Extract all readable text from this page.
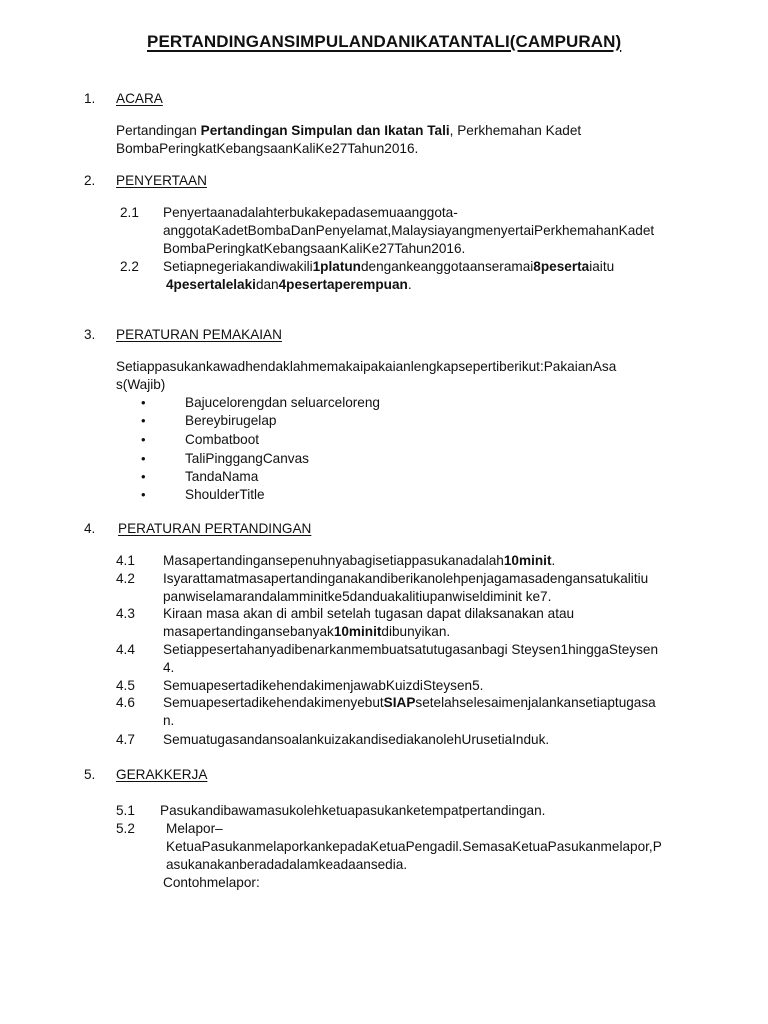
PERTANDINGANSIMPULANDANIKATANTALI(CAMPURAN)
1. ACARA
Pertandingan Pertandingan Simpulan dan Ikatan Tali, Perkhemahan Kadet
BombaPeringkatKebangsaanKaliKe27Tahun2016.
2. PENYERTAAN
2.1 Penyertaanadalahterbukakepadasemuaanggota-
anggotaKadetBombaDanPenyelamat,MalaysiayangmenyertaiPerkhemahanKadet
BombaPeringkatKebangsaanKaliKe27Tahun2016.
2.2 Setiapnegeriakandiwakili1platundengankeanggotaanseramai8pesertaiaitu
4pesertalelakidan4pesertaperempuan.
3. PERATURAN PEMAKAIAN
Setiappasukankawadhendaklahmemakaipakaianlengkapsepertiberikut:PakaianAsa
s(Wajib)
•	Bajucelorengdan seluarceloreng
•	Bereybirugelap
•	Combatboot
•	TaliPinggangCanvas
•	TandaNama
•	ShoulderTitle
4. PERATURAN PERTANDINGAN
4.1 Masapertandingansepenuhnyabagisetiappasukanadalah10minit.
4.2 Isyarattamatmasapertandinganakandiberikanolehpenjagamasadengansatukalitiu
panwiselamarandalamminitke5danduakalitiupanwiseldiminit ke7.
4.3 Kiraan masa akan di ambil setelah tugasan dapat dilaksanakan atau
masapertandingansebanyak10minitdibunyikan.
4.4 Setiappesertahanyadibenarkanmembuatsatutugasanbagi Steysen1hinggaSteysen
4.
4.5 SemuapesertadikehendakimenjawabKuizdiSteysen5.
4.6 SemuapesertadikehendakimenyebutSIAPsetelahselesaimenjalankansetiaptugasa
n.
4.7 SemuatugasandansoalankuizakandisediakanolehUrusetiaInduk.
5. GERAKKERJA
5.1 Pasukandibawamasukolehketuapasukanketempatpertandingan.
5.2 Melapor–
KetuaPasukanmelaporkankepadaKetuaPengadil.SemasaKetuaPasukanmelapor,P
asukanakanberadadalamkeadaansedia.
Contohmelapor:
